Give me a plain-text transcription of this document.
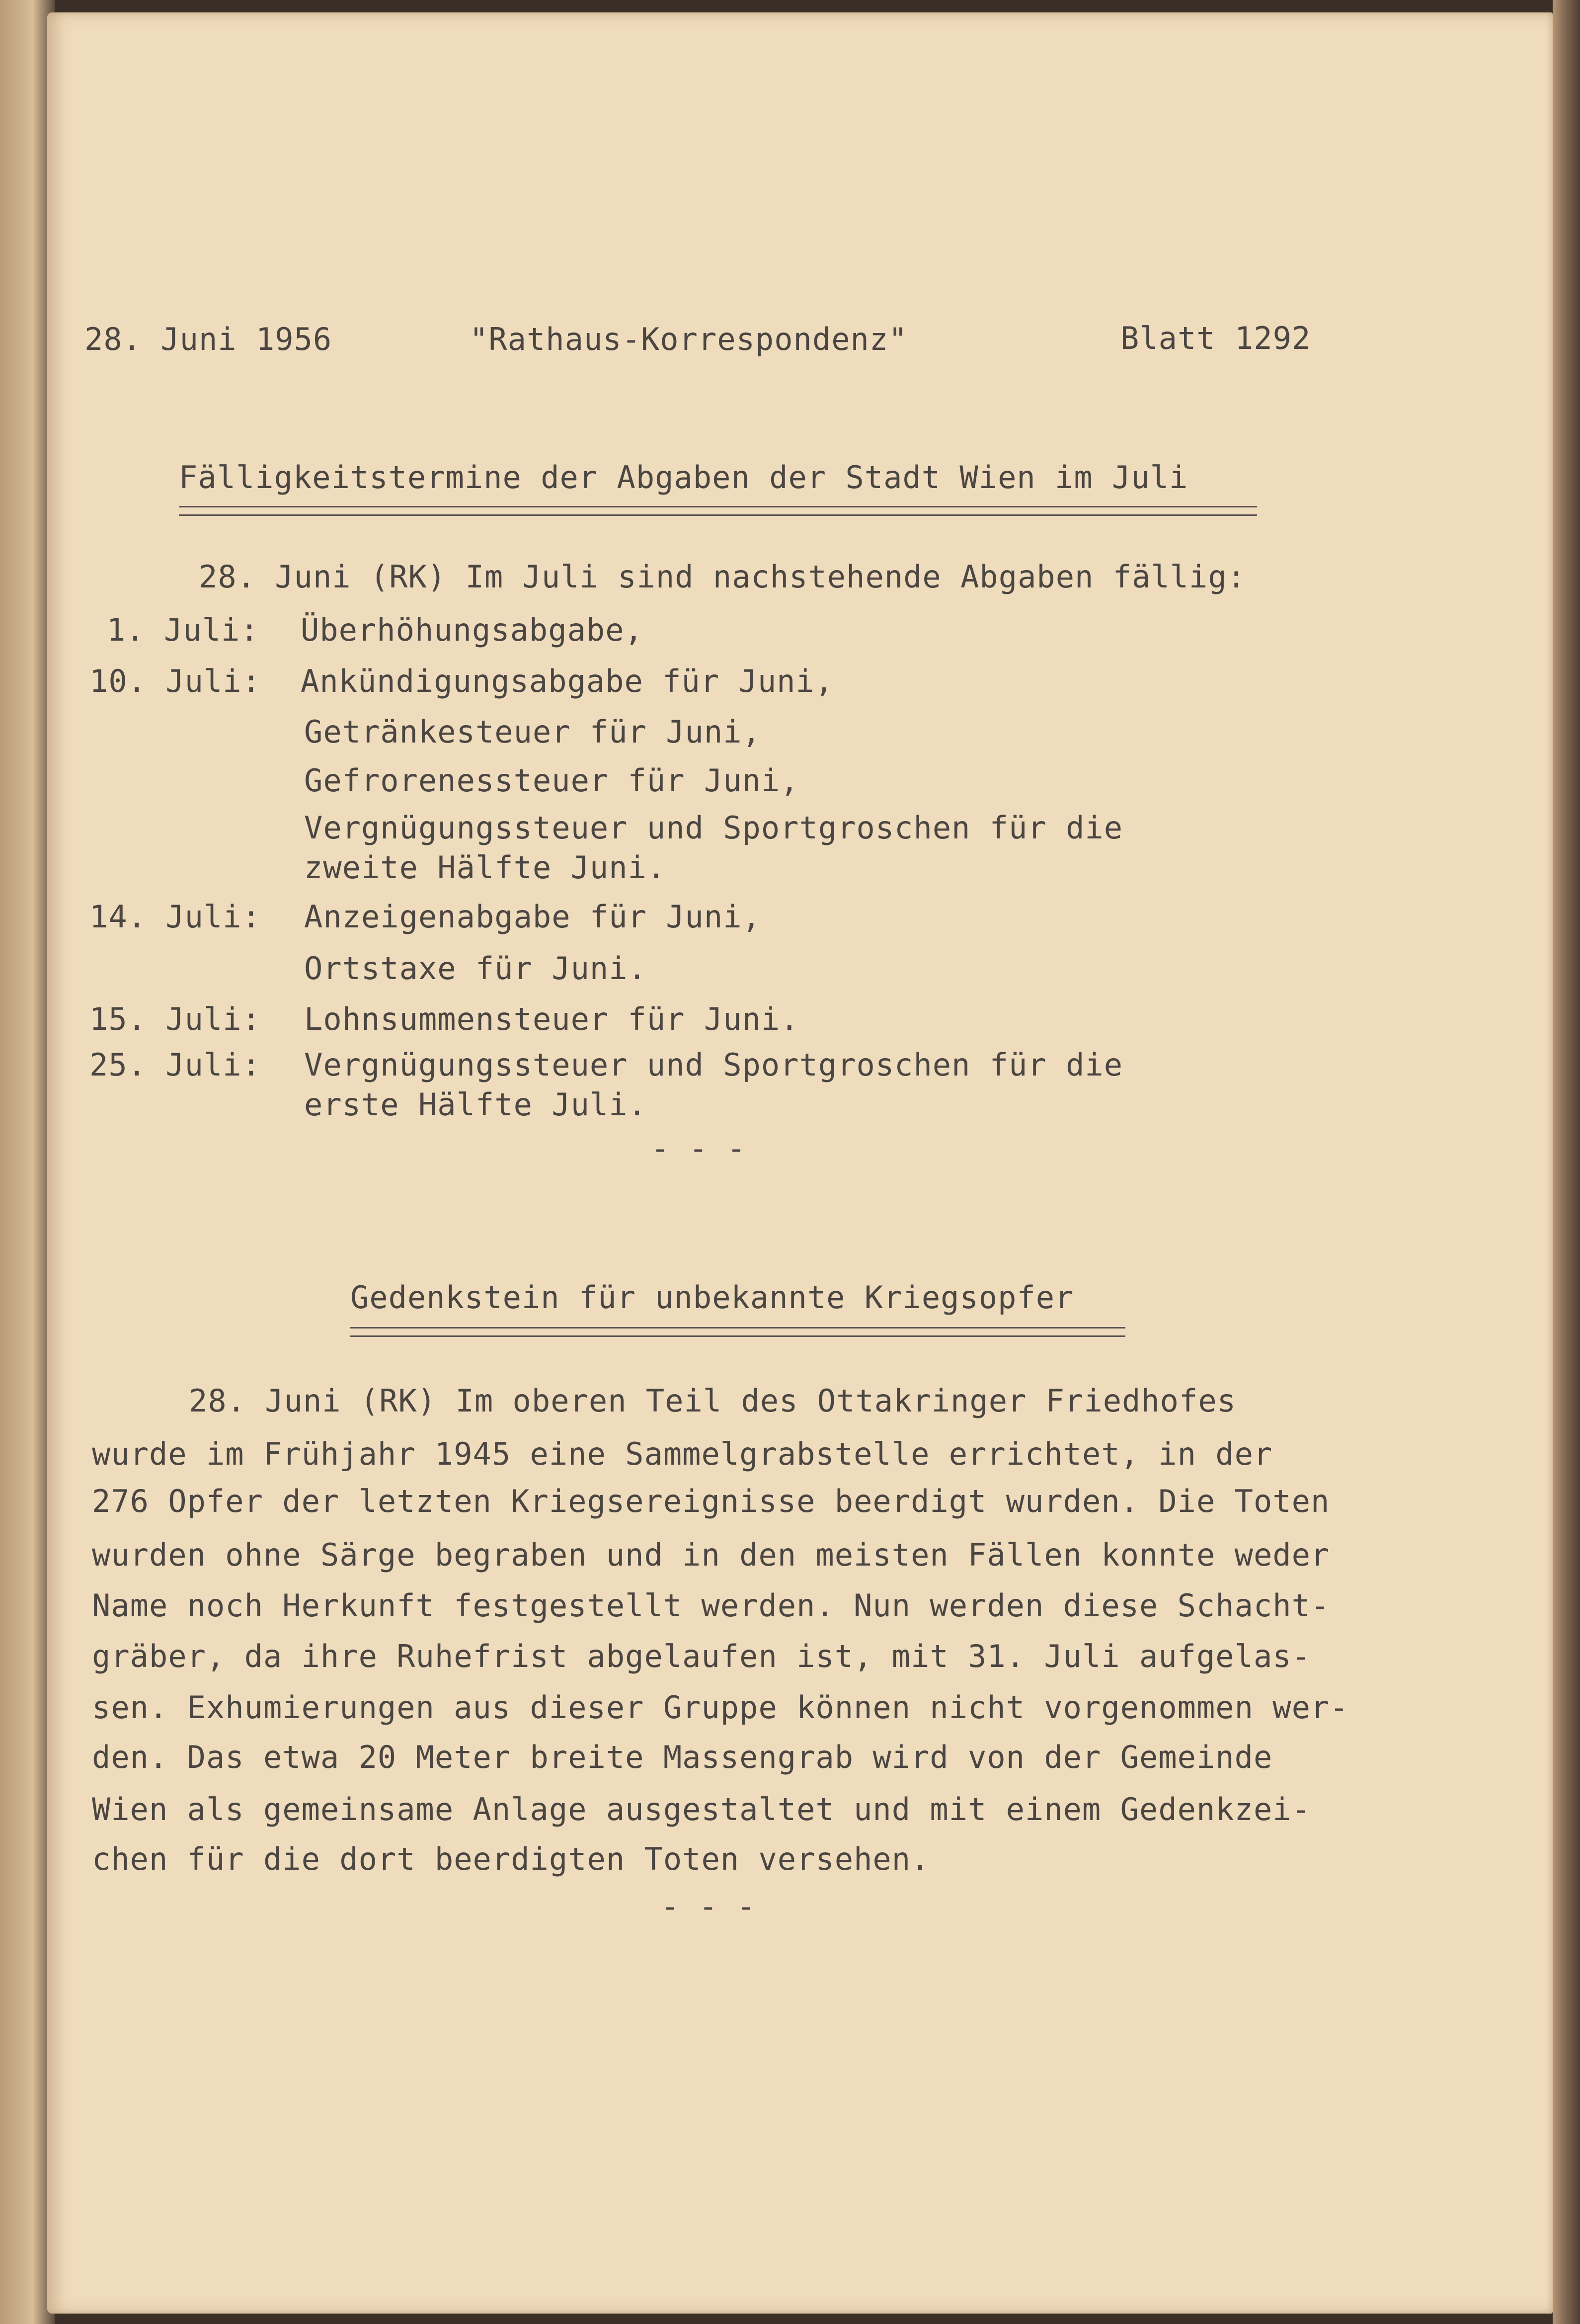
28. Juni 1956	"Rathaus-Korrespondenz"	Blatt 1292
Fälligkeitstermine der Abgaben der Stadt Wien im Juli
28. Juni (RK) Im Juli sind nachstehende Abgaben fällig:
1. Juli: Überhöhungsabgabe,
10. Juli: Ankündigungsabgabe für Juni,
Getränkesteuer für Juni,
Gefrorenessteuer für Juni,
Vergnügungssteuer und Sportgroschen für die
zweite Hälfte Juni.
14. Juli: Anzeigenabgabe für Juni,
Ortstaxe für Juni.
15. Juli: Lohnsummensteuer für Juni.
25. Juli: Vergnügungssteuer und Sportgroschen für die
erste Hälfte Juli.
- - -
Gedenkstein für unbekannte Kriegsopfer
28. Juni (RK) Im oberen Teil des Ottakringer Friedhofes
wurde im Frühjahr 1945 eine Sammelgrabstelle errichtet, in der
276 Opfer der letzten Kriegsereignisse beerdigt wurden. Die Toten
wurden ohne Särge begraben und in den meisten Fällen konnte weder
Name noch Herkunft festgestellt werden. Nun werden diese Schacht-
gräber, da ihre Ruhefrist abgelaufen ist, mit 31. Juli aufgelas-
sen. Exhumierungen aus dieser Gruppe können nicht vorgenommen wer-
den. Das etwa 20 Meter breite Massengrab wird von der Gemeinde
Wien als gemeinsame Anlage ausgestaltet und mit einem Gedenkzei-
chen für die dort beerdigten Toten versehen.
- - -
